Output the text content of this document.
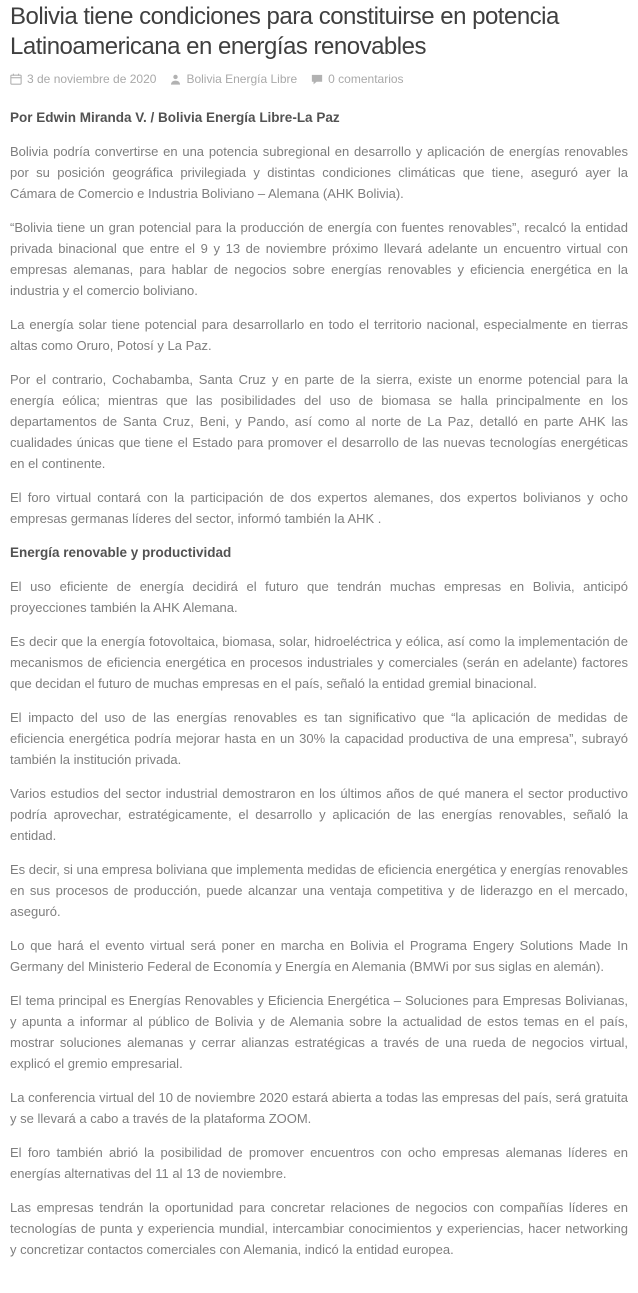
Bolivia tiene condiciones para constituirse en potencia Latinoamericana en energías renovables
3 de noviembre de 2020	Bolivia Energía Libre	0 comentarios

Por Edwin Miranda V. / Bolivia Energía Libre-La Paz

Bolivia podría convertirse en una potencia subregional en desarrollo y aplicación de energías renovables por su posición geográfica privilegiada y distintas condiciones climáticas que tiene, aseguró ayer la Cámara de Comercio e Industria Boliviano – Alemana (AHK Bolivia).

“Bolivia tiene un gran potencial para la producción de energía con fuentes renovables”, recalcó la entidad privada binacional que entre el 9 y 13 de noviembre próximo llevará adelante un encuentro virtual con empresas alemanas, para hablar de negocios sobre energías renovables y eficiencia energética en la industria y el comercio boliviano.

La energía solar tiene potencial para desarrollarlo en todo el territorio nacional, especialmente en tierras altas como Oruro, Potosí y La Paz.

Por el contrario, Cochabamba, Santa Cruz y en parte de la sierra, existe un enorme potencial para la energía eólica; mientras que las posibilidades del uso de biomasa se halla principalmente en los departamentos de Santa Cruz, Beni, y Pando, así como al norte de La Paz, detalló en parte AHK las cualidades únicas que tiene el Estado para promover el desarrollo de las nuevas tecnologías energéticas en el continente.

El foro virtual contará con la participación de dos expertos alemanes, dos expertos bolivianos y ocho empresas germanas líderes del sector, informó también la AHK .

Energía renovable y productividad

El uso eficiente de energía decidirá el futuro que tendrán muchas empresas en Bolivia, anticipó proyecciones también la AHK Alemana.

Es decir que la energía fotovoltaica, biomasa, solar, hidroeléctrica y eólica, así como la implementación de mecanismos de eficiencia energética en procesos industriales y comerciales (serán en adelante) factores que decidan el futuro de muchas empresas en el país, señaló la entidad gremial binacional.

El impacto del uso de las energías renovables es tan significativo que “la aplicación de medidas de eficiencia energética podría mejorar hasta en un 30% la capacidad productiva de una empresa”, subrayó también la institución privada.

Varios estudios del sector industrial demostraron en los últimos años de qué manera el sector productivo podría aprovechar, estratégicamente, el desarrollo y aplicación de las energías renovables, señaló la entidad.

Es decir, si una empresa boliviana que implementa medidas de eficiencia energética y energías renovables en sus procesos de producción, puede alcanzar una ventaja competitiva y de liderazgo en el mercado, aseguró.

Lo que hará el evento virtual será poner en marcha en Bolivia el Programa Engery Solutions Made In Germany del Ministerio Federal de Economía y Energía en Alemania (BMWi por sus siglas en alemán).

El tema principal es Energías Renovables y Eficiencia Energética – Soluciones para Empresas Bolivianas, y apunta a informar al público de Bolivia y de Alemania sobre la actualidad de estos temas en el país, mostrar soluciones alemanas y cerrar alianzas estratégicas a través de una rueda de negocios virtual, explicó el gremio empresarial.

La conferencia virtual del 10 de noviembre 2020 estará abierta a todas las empresas del país, será gratuita y se llevará a cabo a través de la plataforma ZOOM.

El foro también abrió la posibilidad de promover encuentros con ocho empresas alemanas líderes en energías alternativas del 11 al 13 de noviembre.

Las empresas tendrán la oportunidad para concretar relaciones de negocios con compañías líderes en tecnologías de punta y experiencia mundial, intercambiar conocimientos y experiencias, hacer networking y concretizar contactos comerciales con Alemania, indicó la entidad europea.
